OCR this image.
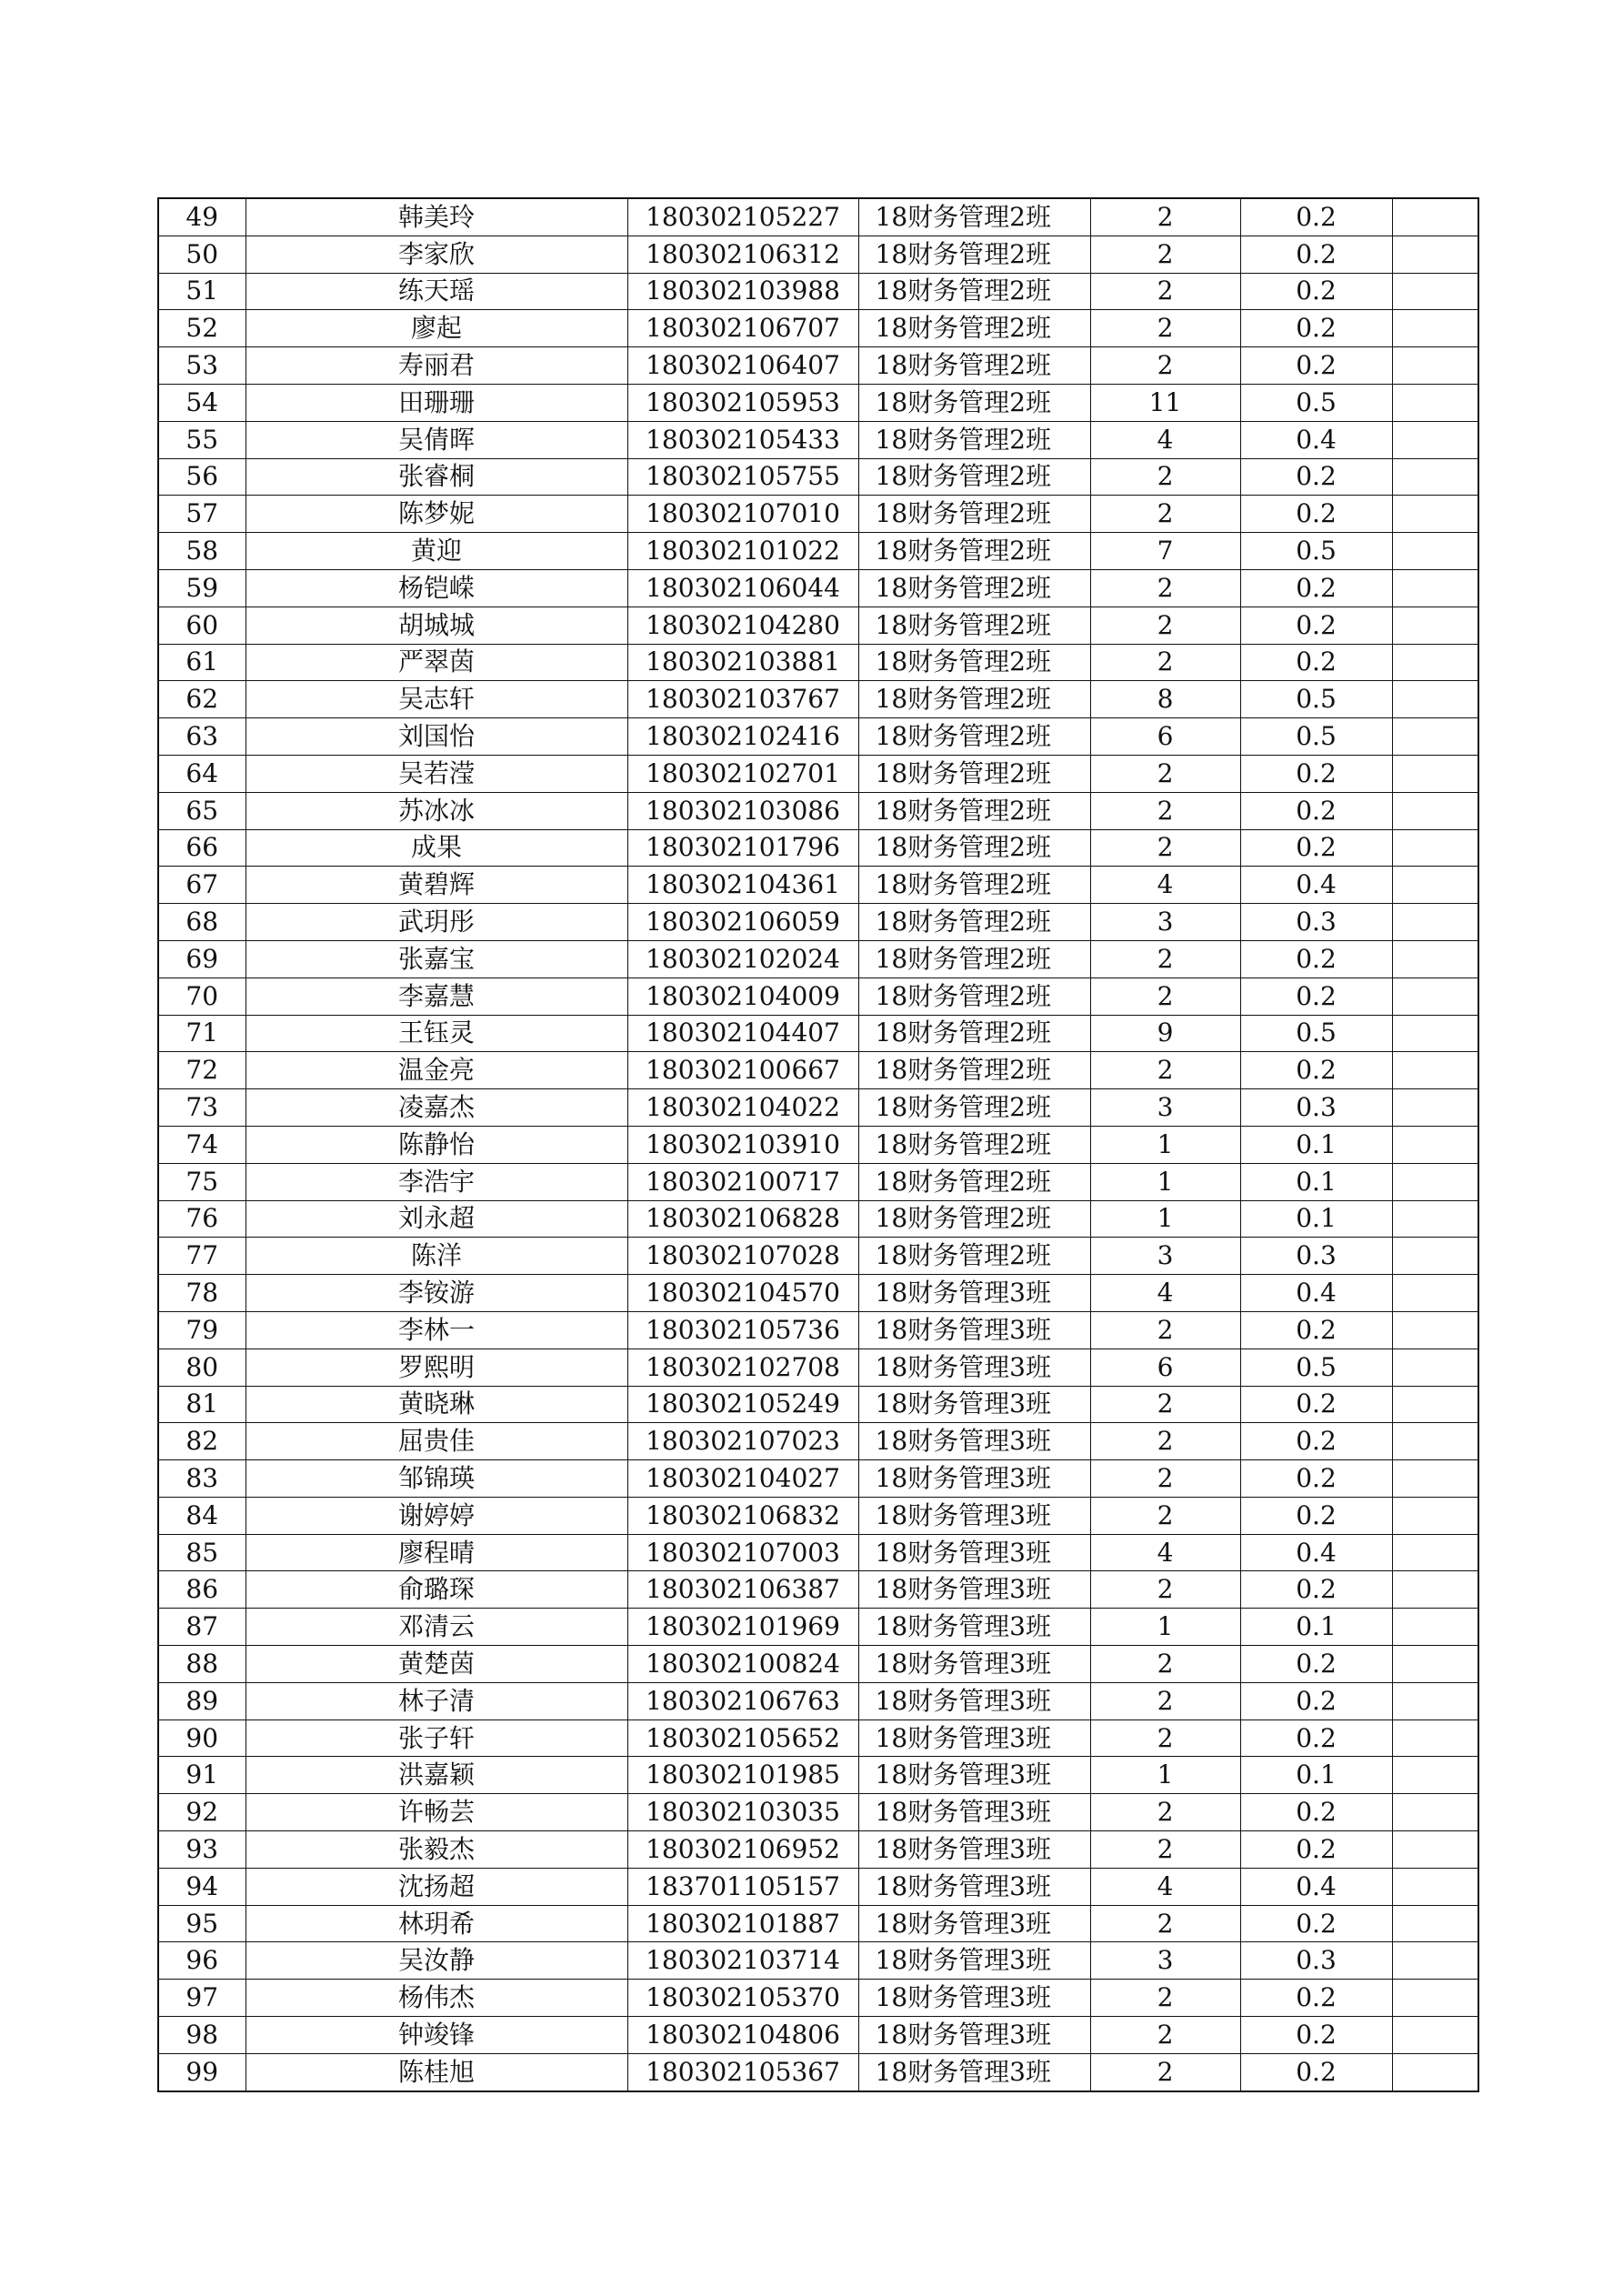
49	韩美玲	180302105227	18财务管理2班	2	0.2	
50	李家欣	180302106312	18财务管理2班	2	0.2	
51	练天瑶	180302103988	18财务管理2班	2	0.2	
52	廖起	180302106707	18财务管理2班	2	0.2	
53	寿丽君	180302106407	18财务管理2班	2	0.2	
54	田珊珊	180302105953	18财务管理2班	11	0.5	
55	吴倩晖	180302105433	18财务管理2班	4	0.4	
56	张睿桐	180302105755	18财务管理2班	2	0.2	
57	陈梦妮	180302107010	18财务管理2班	2	0.2	
58	黄迎	180302101022	18财务管理2班	7	0.5	
59	杨铠嵘	180302106044	18财务管理2班	2	0.2	
60	胡城城	180302104280	18财务管理2班	2	0.2	
61	严翠茵	180302103881	18财务管理2班	2	0.2	
62	吴志轩	180302103767	18财务管理2班	8	0.5	
63	刘国怡	180302102416	18财务管理2班	6	0.5	
64	吴若滢	180302102701	18财务管理2班	2	0.2	
65	苏冰冰	180302103086	18财务管理2班	2	0.2	
66	成果	180302101796	18财务管理2班	2	0.2	
67	黄碧辉	180302104361	18财务管理2班	4	0.4	
68	武玥彤	180302106059	18财务管理2班	3	0.3	
69	张嘉宝	180302102024	18财务管理2班	2	0.2	
70	李嘉慧	180302104009	18财务管理2班	2	0.2	
71	王钰灵	180302104407	18财务管理2班	9	0.5	
72	温金亮	180302100667	18财务管理2班	2	0.2	
73	凌嘉杰	180302104022	18财务管理2班	3	0.3	
74	陈静怡	180302103910	18财务管理2班	1	0.1	
75	李浩宇	180302100717	18财务管理2班	1	0.1	
76	刘永超	180302106828	18财务管理2班	1	0.1	
77	陈洋	180302107028	18财务管理2班	3	0.3	
78	李铵游	180302104570	18财务管理3班	4	0.4	
79	李林一	180302105736	18财务管理3班	2	0.2	
80	罗熙明	180302102708	18财务管理3班	6	0.5	
81	黄晓琳	180302105249	18财务管理3班	2	0.2	
82	屈贵佳	180302107023	18财务管理3班	2	0.2	
83	邹锦瑛	180302104027	18财务管理3班	2	0.2	
84	谢婷婷	180302106832	18财务管理3班	2	0.2	
85	廖程晴	180302107003	18财务管理3班	4	0.4	
86	俞璐琛	180302106387	18财务管理3班	2	0.2	
87	邓清云	180302101969	18财务管理3班	1	0.1	
88	黄楚茵	180302100824	18财务管理3班	2	0.2	
89	林子清	180302106763	18财务管理3班	2	0.2	
90	张子轩	180302105652	18财务管理3班	2	0.2	
91	洪嘉颖	180302101985	18财务管理3班	1	0.1	
92	许畅芸	180302103035	18财务管理3班	2	0.2	
93	张毅杰	180302106952	18财务管理3班	2	0.2	
94	沈扬超	183701105157	18财务管理3班	4	0.4	
95	林玥希	180302101887	18财务管理3班	2	0.2	
96	吴汝静	180302103714	18财务管理3班	3	0.3	
97	杨伟杰	180302105370	18财务管理3班	2	0.2	
98	钟竣锋	180302104806	18财务管理3班	2	0.2	
99	陈桂旭	180302105367	18财务管理3班	2	0.2	
